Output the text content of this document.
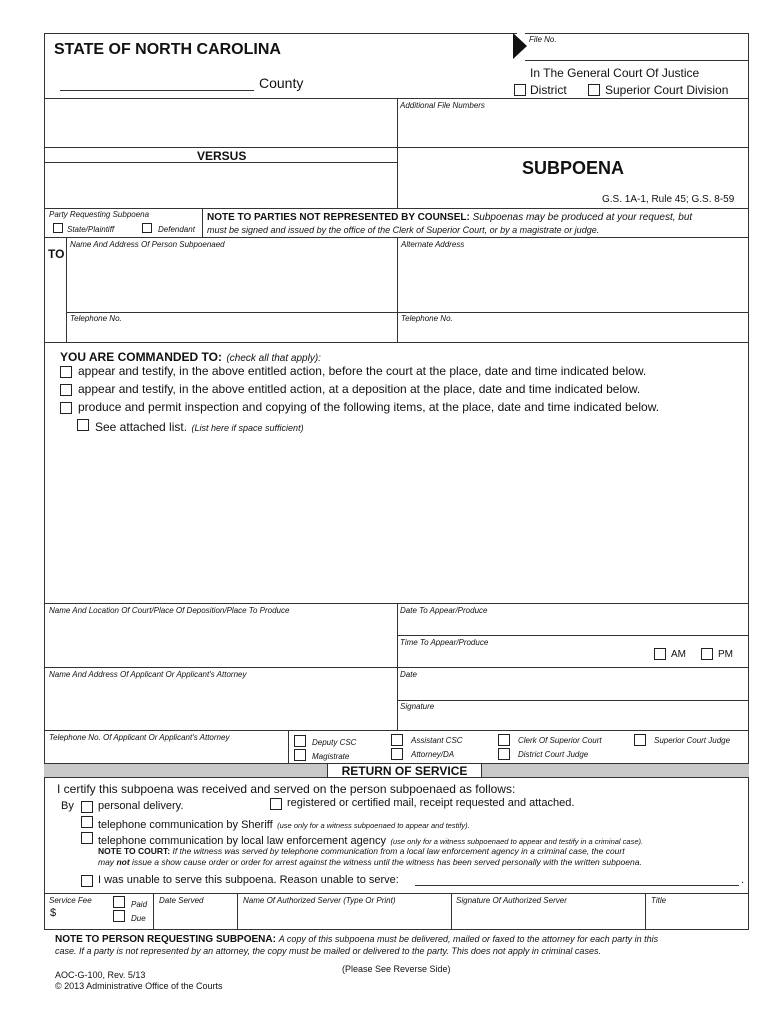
STATE OF NORTH CAROLINA
County
File No.
In The General Court Of Justice
District	Superior Court Division
Additional File Numbers
VERSUS
SUBPOENA
G.S. 1A-1, Rule 45; G.S. 8-59
Party Requesting Subpoena
State/Plaintiff	Defendant
NOTE TO PARTIES NOT REPRESENTED BY COUNSEL: Subpoenas may be produced at your request, but
must be signed and issued by the office of the Clerk of Superior Court, or by a magistrate or judge.
TO
Name And Address Of Person Subpoenaed	Alternate Address
Telephone No.	Telephone No.
YOU ARE COMMANDED TO: (check all that apply):
appear and testify, in the above entitled action, before the court at the place, date and time indicated below.
appear and testify, in the above entitled action, at a deposition at the place, date and time indicated below.
produce and permit inspection and copying of the following items, at the place, date and time indicated below.
See attached list. (List here if space sufficient)
Name And Location Of Court/Place Of Deposition/Place To Produce	Date To Appear/Produce
Time To Appear/Produce
AM	PM
Name And Address Of Applicant Or Applicant's Attorney	Date
Signature
Telephone No. Of Applicant Or Applicant's Attorney
Deputy CSC
Magistrate
Assistant CSC
Attorney/DA
Clerk Of Superior Court
District Court Judge
Superior Court Judge
RETURN OF SERVICE
I certify this subpoena was received and served on the person subpoenaed as follows:
By personal delivery.	registered or certified mail, receipt requested and attached.
telephone communication by Sheriff (use only for a witness subpoenaed to appear and testify).
telephone communication by local law enforcement agency (use only for a witness subpoenaed to appear and testify in a criminal case).
NOTE TO COURT: If the witness was served by telephone communication from a local law enforcement agency in a criminal case, the court
may not issue a show cause order or order for arrest against the witness until the witness has been served personally with the written subpoena.
I was unable to serve this subpoena. Reason unable to serve:	.
Service Fee
$
Paid
Due
Date Served	Name Of Authorized Server (Type Or Print)	Signature Of Authorized Server	Title
NOTE TO PERSON REQUESTING SUBPOENA: A copy of this subpoena must be delivered, mailed or faxed to the attorney for each party in this
case. If a party is not represented by an attorney, the copy must be mailed or delivered to the party. This does not apply in criminal cases.
(Please See Reverse Side)
AOC-G-100, Rev. 5/13
© 2013 Administrative Office of the Courts
